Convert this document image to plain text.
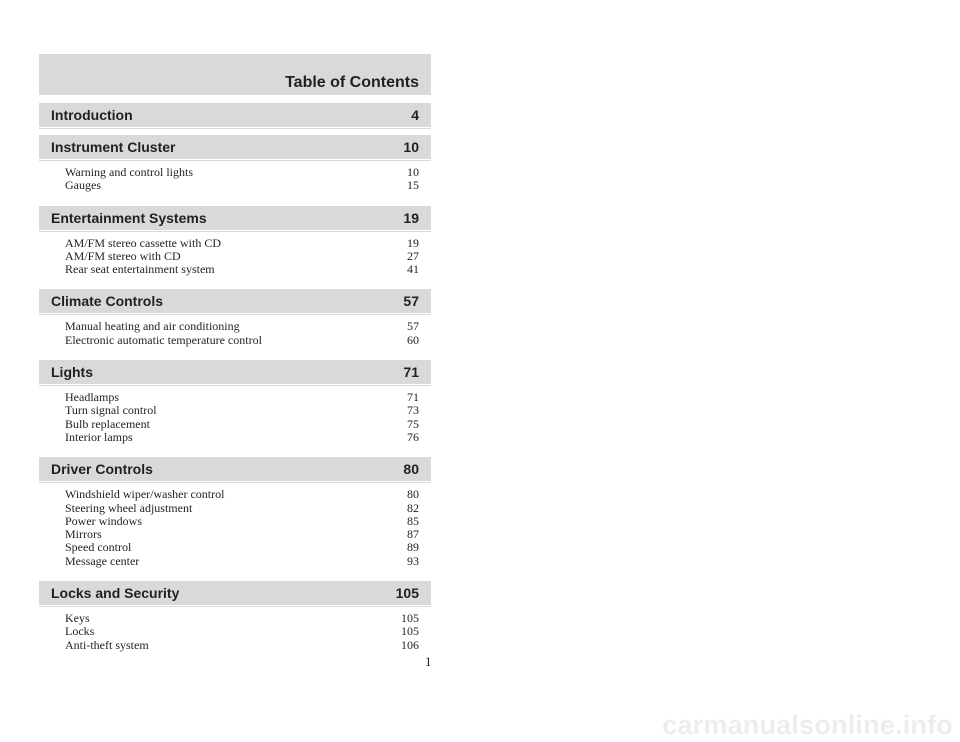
Table of Contents
Introduction	4
Instrument Cluster	10
Warning and control lights	10
Gauges	15
Entertainment Systems	19
AM/FM stereo cassette with CD	19
AM/FM stereo with CD	27
Rear seat entertainment system	41
Climate Controls	57
Manual heating and air conditioning	57
Electronic automatic temperature control	60
Lights	71
Headlamps	71
Turn signal control	73
Bulb replacement	75
Interior lamps	76
Driver Controls	80
Windshield wiper/washer control	80
Steering wheel adjustment	82
Power windows	85
Mirrors	87
Speed control	89
Message center	93
Locks and Security	105
Keys	105
Locks	105
Anti-theft system	106
1
carmanualsonline.info
